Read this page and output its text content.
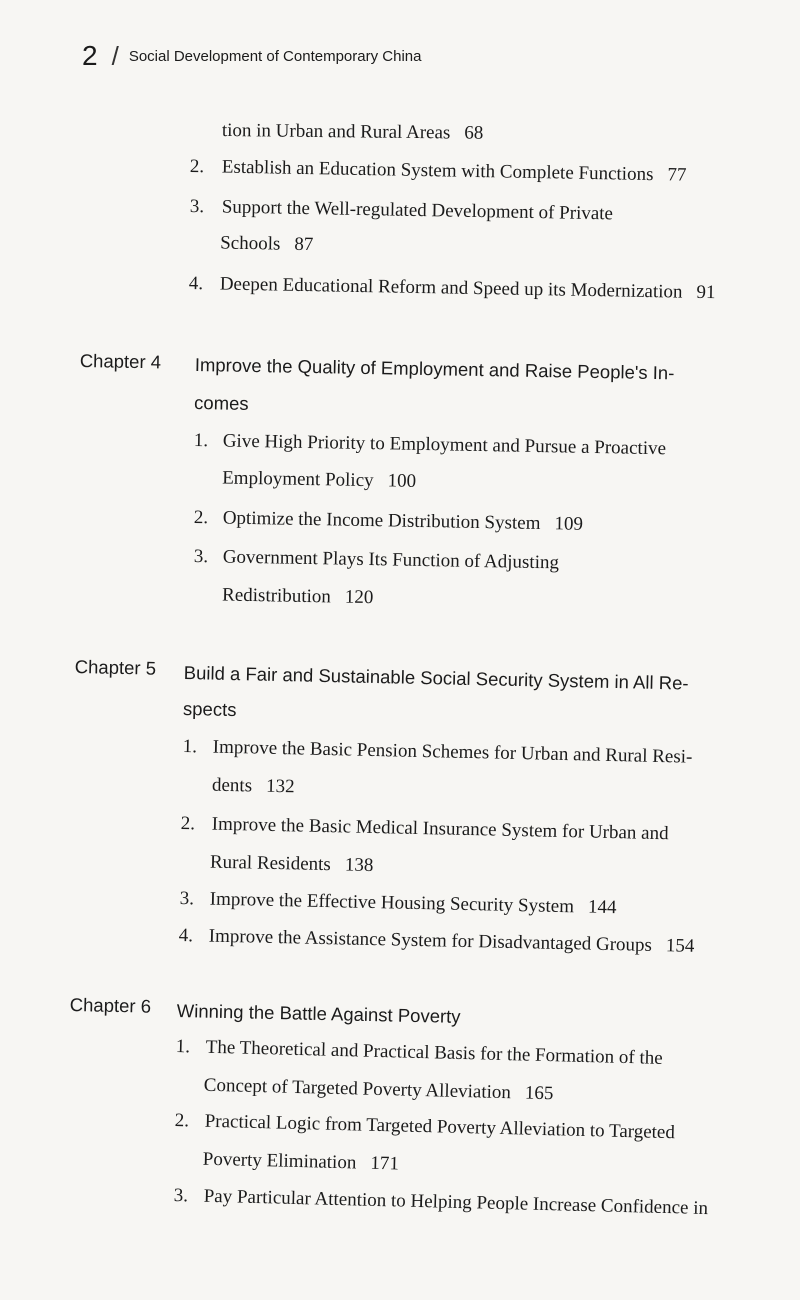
2 / Social Development of Contemporary China
tion in Urban and Rural Areas 68
2. Establish an Education System with Complete Functions 77
3. Support the Well-regulated Development of Private
Schools 87
4. Deepen Educational Reform and Speed up its Modernization 91
Chapter 4 Improve the Quality of Employment and Raise People's In-
comes
1. Give High Priority to Employment and Pursue a Proactive
Employment Policy 100
2. Optimize the Income Distribution System 109
3. Government Plays Its Function of Adjusting
Redistribution 120
Chapter 5 Build a Fair and Sustainable Social Security System in All Re-
spects
1. Improve the Basic Pension Schemes for Urban and Rural Resi-
dents 132
2. Improve the Basic Medical Insurance System for Urban and
Rural Residents 138
3. Improve the Effective Housing Security System 144
4. Improve the Assistance System for Disadvantaged Groups 154
Chapter 6 Winning the Battle Against Poverty
1. The Theoretical and Practical Basis for the Formation of the
Concept of Targeted Poverty Alleviation 165
2. Practical Logic from Targeted Poverty Alleviation to Targeted
Poverty Elimination 171
3. Pay Particular Attention to Helping People Increase Confidence in
